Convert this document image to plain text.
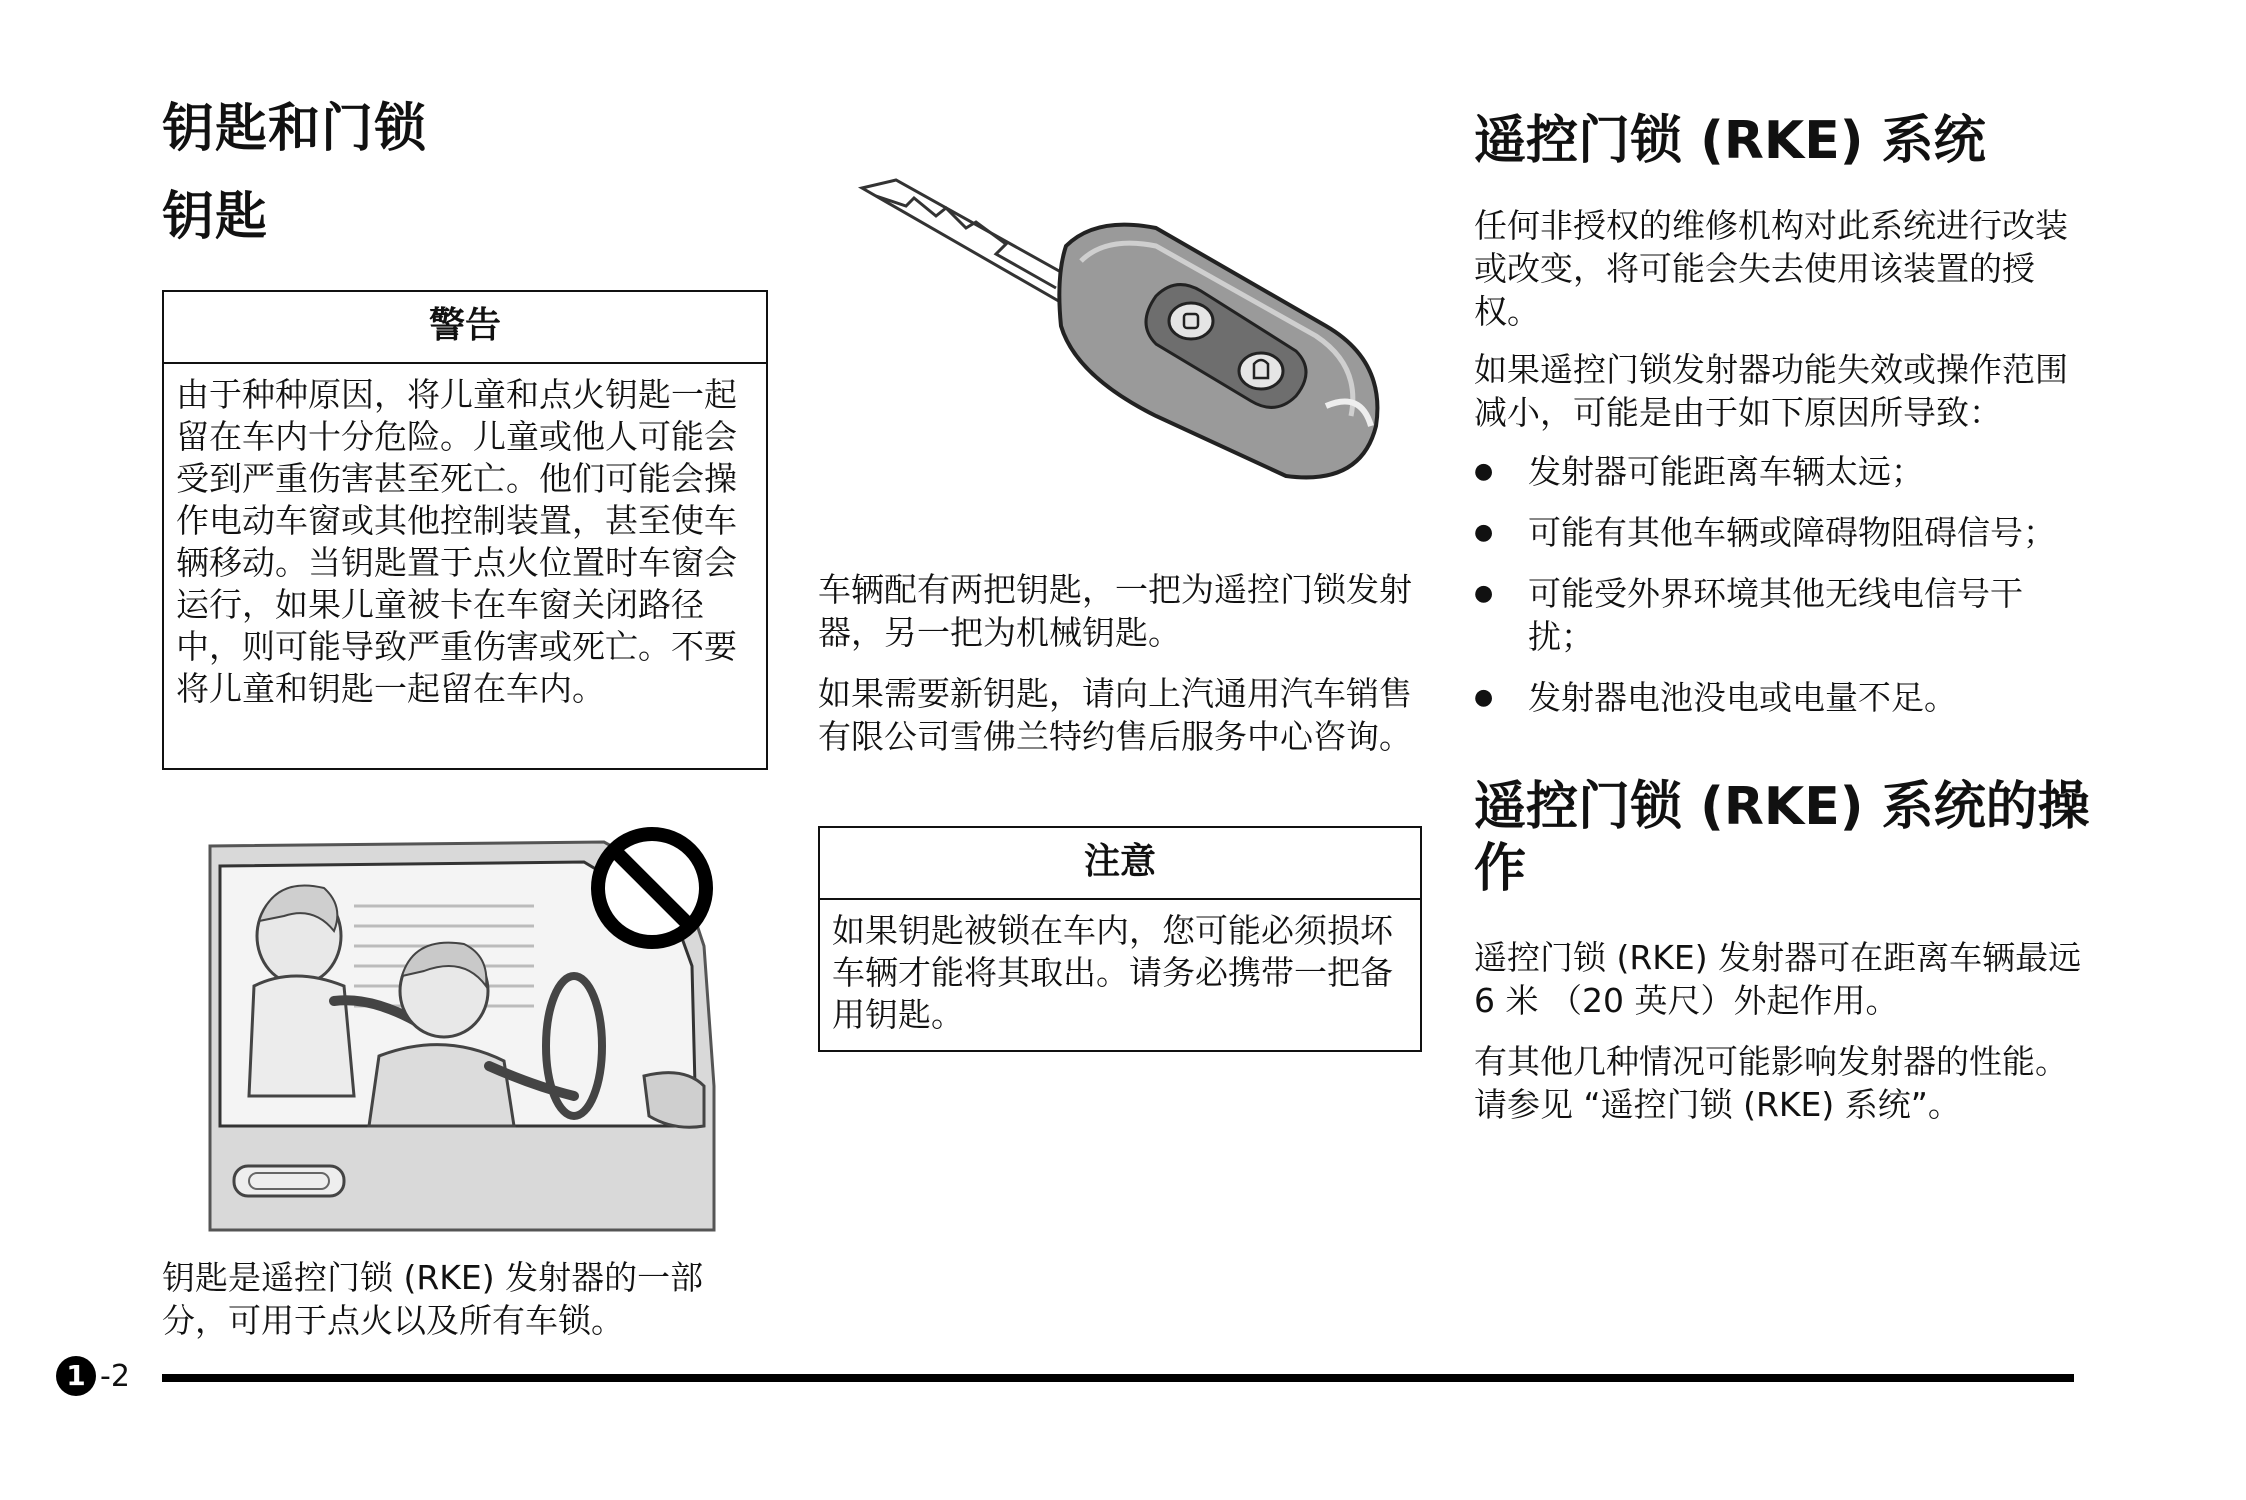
钥匙和门锁
钥匙
警告
由于种种原因，将儿童和点火钥匙一起留在车内十分危险。儿童或他人可能会受到严重伤害甚至死亡。他们可能会操作电动车窗或其他控制装置，甚至使车辆移动。当钥匙置于点火位置时车窗会运行，如果儿童被卡在车窗关闭路径中，则可能导致严重伤害或死亡。不要将儿童和钥匙一起留在车内。

钥匙是遥控门锁 (RKE) 发射器的一部分，可用于点火以及所有车锁。

车辆配有两把钥匙，一把为遥控门锁发射器，另一把为机械钥匙。

如果需要新钥匙，请向上汽通用汽车销售有限公司雪佛兰特约售后服务中心咨询。

注意
如果钥匙被锁在车内，您可能必须损坏车辆才能将其取出。请务必携带一把备用钥匙。
遥控门锁 (RKE) 系统

任何非授权的维修机构对此系统进行改装或改变，将可能会失去使用该装置的授权。

如果遥控门锁发射器功能失效或操作范围减小，可能是由于如下原因所导致：

● 发射器可能距离车辆太远；
● 可能有其他车辆或障碍物阻碍信号；
● 可能受外界环境其他无线电信号干扰；
● 发射器电池没电或电量不足。
遥控门锁 (RKE) 系统的操作

遥控门锁 (RKE) 发射器可在距离车辆最远 6 米 （20 英尺）外起作用。

有其他几种情况可能影响发射器的性能。请参见 “遥控门锁 (RKE) 系统”。

1 -2
